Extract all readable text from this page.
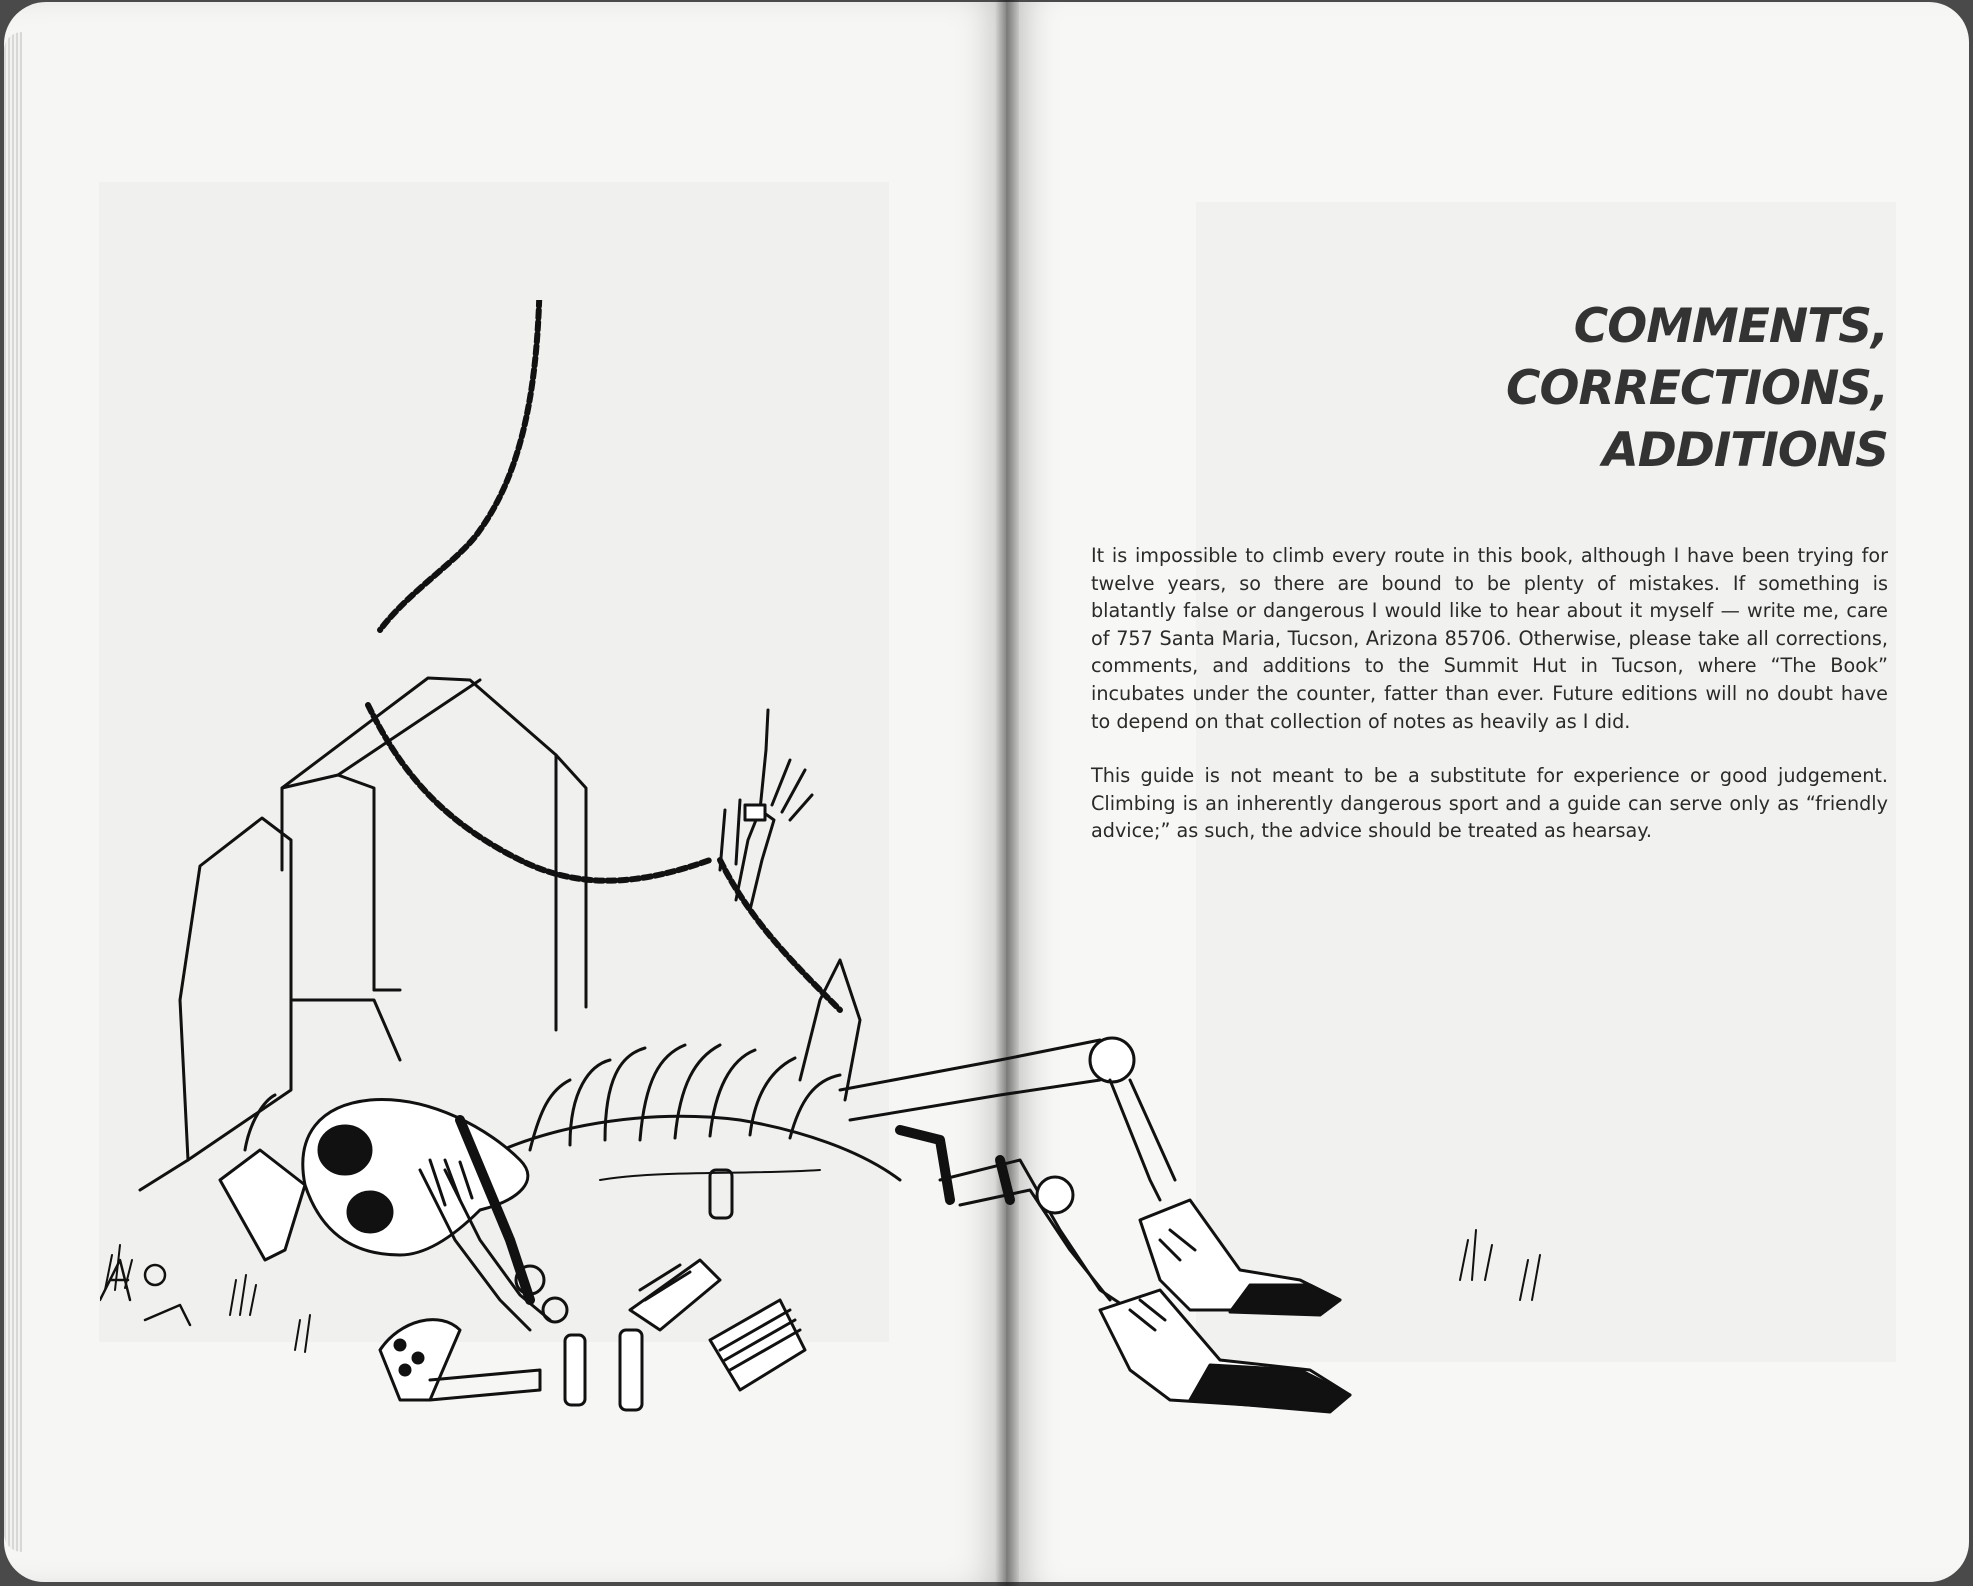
COMMENTS,
CORRECTIONS,
ADDITIONS

It is impossible to climb every route in this book, although I have been trying for twelve years, so there are bound to be plenty of mistakes. If something is blatantly false or dangerous I would like to hear about it myself — write me, care of 757 Santa Maria, Tucson, Arizona 85706. Otherwise, please take all corrections, comments, and additions to the Summit Hut in Tucson, where “The Book” incubates under the counter, fatter than ever. Future editions will no doubt have to depend on that collection of notes as heavily as I did.

This guide is not meant to be a substitute for experience or good judgement. Climbing is an inherently dangerous sport and a guide can serve only as “friendly advice;” as such, the advice should be treated as hearsay.
